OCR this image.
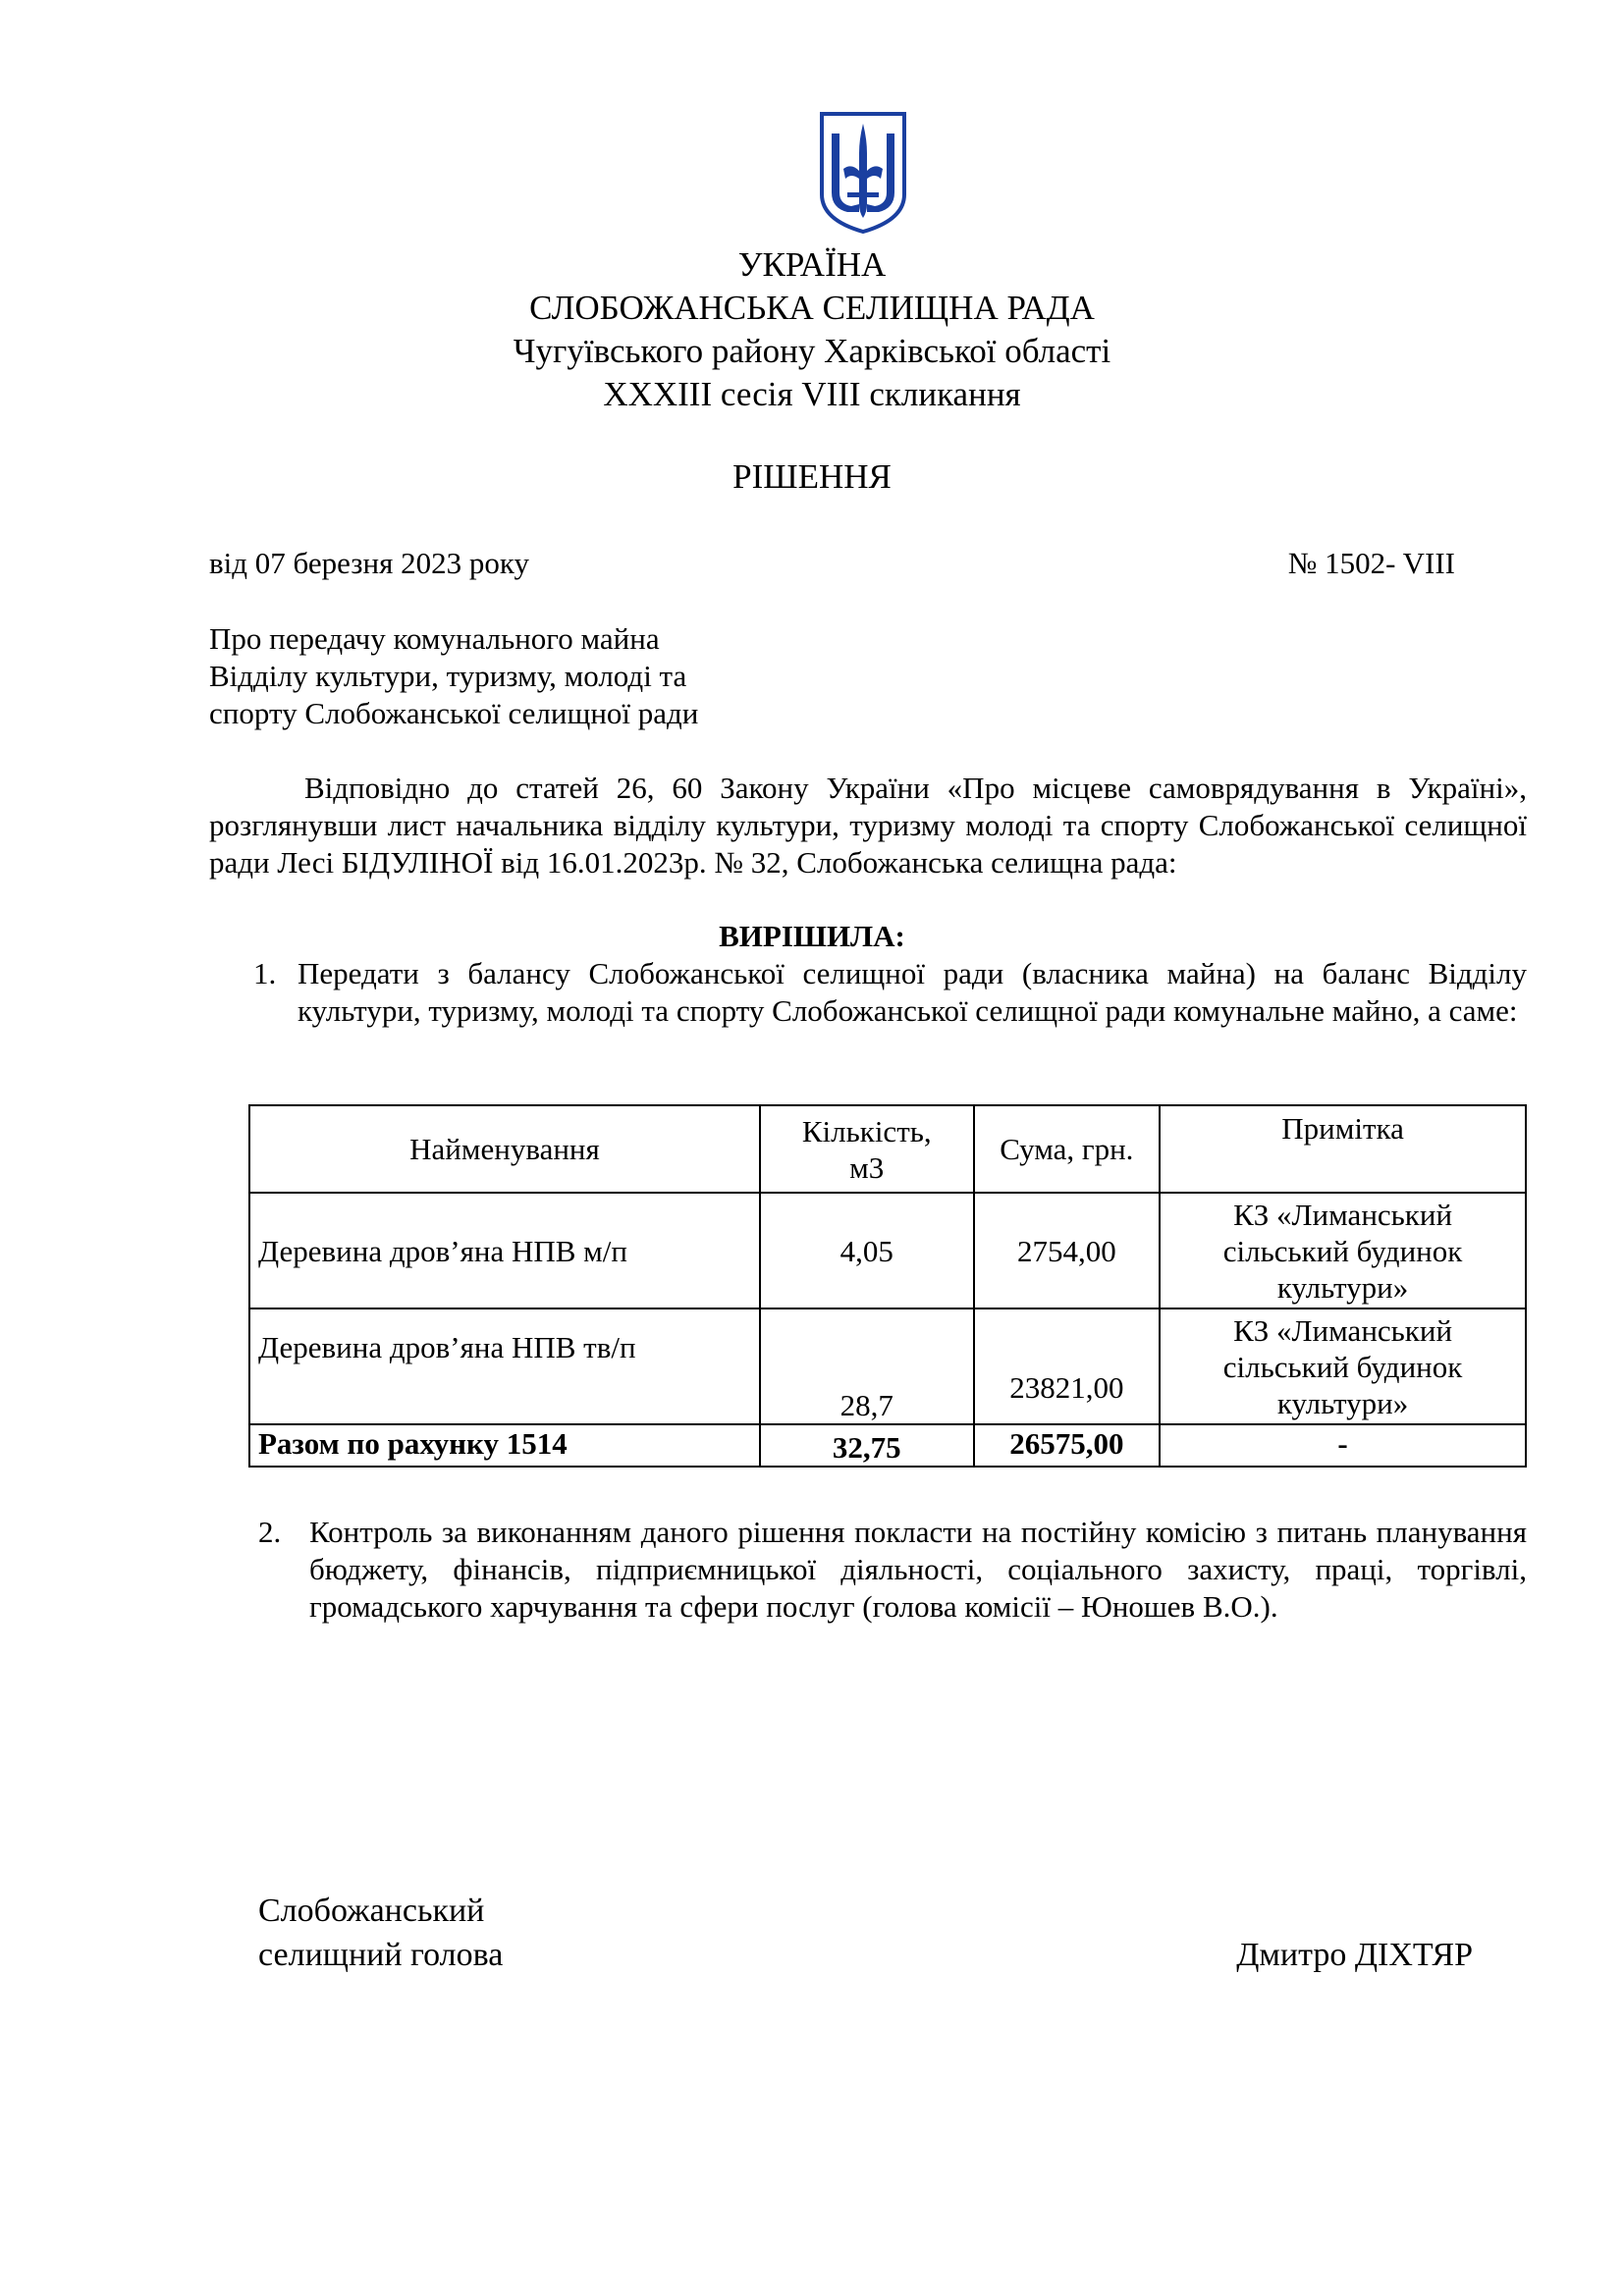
УКРАЇНА
СЛОБОЖАНСЬКА СЕЛИЩНА РАДА
Чугуївського району Харківської області
XXXIII сесія VIII скликання
РІШЕННЯ
від 07 березня 2023 року	№ 1502- VIII
Про передачу комунального майна
Відділу культури, туризму, молоді та
спорту Слобожанської селищної ради
Відповідно до статей 26, 60 Закону України «Про місцеве самоврядування в Україні», розглянувши лист начальника відділу культури, туризму молоді та спорту Слобожанської селищної ради Лесі БІДУЛІНОЇ від 16.01.2023р. № 32, Слобожанська селищна рада:
ВИРІШИЛА:
1. Передати з балансу Слобожанської селищної ради (власника майна) на баланс Відділу культури, туризму, молоді та спорту Слобожанської селищної ради комунальне майно, а саме:
Найменування	Кількість,
м3	Сума, грн.	Примітка
Деревина дров’яна НПВ м/п	4,05	2754,00	КЗ «Лиманський
сільський будинок
культури»

Деревина дров’яна НПВ тв/п	28,7	23821,00	КЗ «Лиманський
сільський будинок
культури»

Разом по рахунку 1514	32,75	26575,00	-
2. Контроль за виконанням даного рішення покласти на постійну комісію з питань планування бюджету, фінансів, підприємницької діяльності, соціального захисту, праці, торгівлі, громадського харчування та сфери послуг (голова комісії – Юношев В.О.).
Слобожанський
селищний голова	Дмитро ДІХТЯР
